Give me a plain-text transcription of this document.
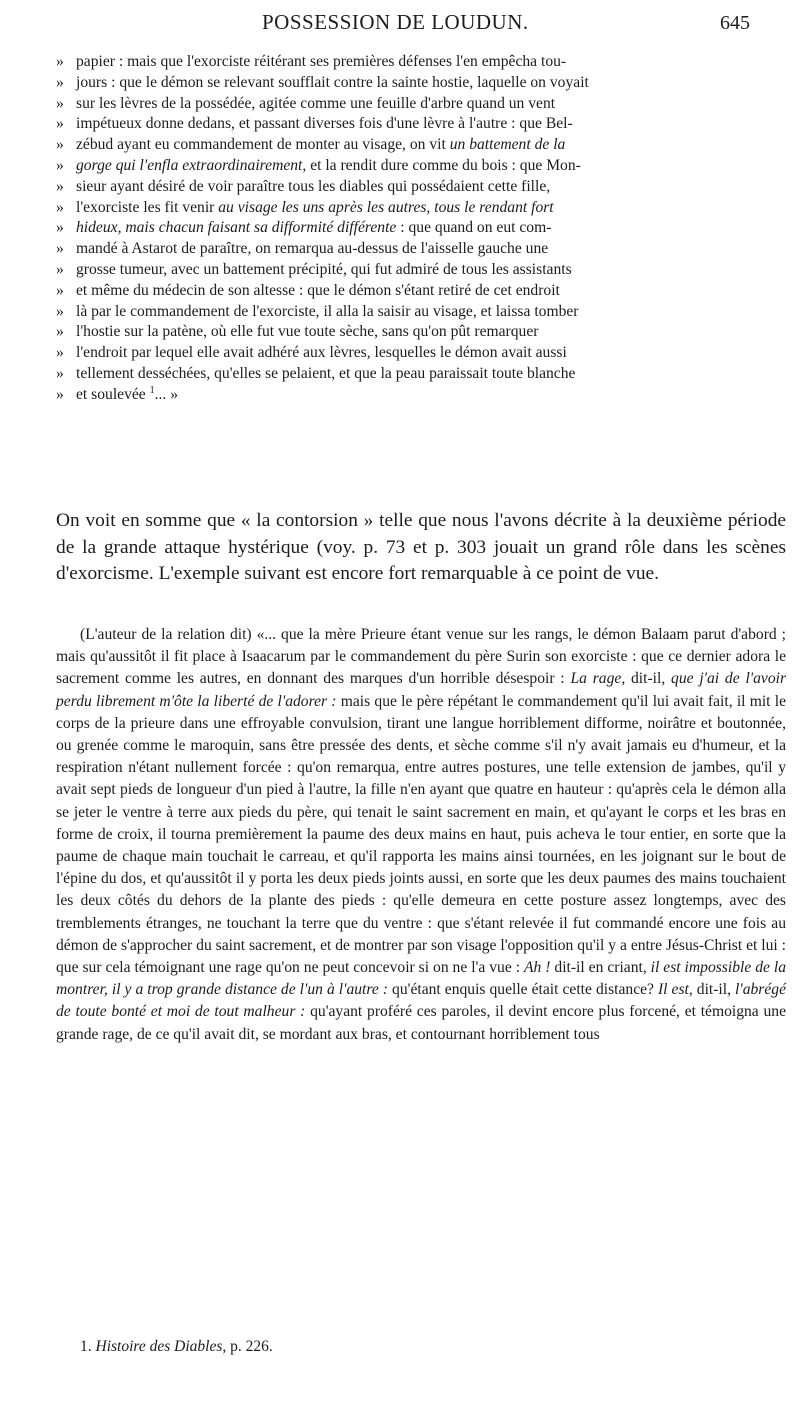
POSSESSION DE LOUDUN.	645
» papier : mais que l'exorciste réitérant ses premières défenses l'en empêcha tou-
» jours : que le démon se relevant soufflait contre la sainte hostie, laquelle on voyait
» sur les lèvres de la possédée, agitée comme une feuille d'arbre quand un vent
» impétueux donne dedans, et passant diverses fois d'une lèvre à l'autre : que Bel-
» zébud ayant eu commandement de monter au visage, on vit un battement de la
» gorge qui l'enfla extraordinairement, et la rendit dure comme du bois : que Mon-
» sieur ayant désiré de voir paraître tous les diables qui possédaient cette fille,
» l'exorciste les fit venir au visage les uns après les autres, tous le rendant fort
» hideux, mais chacun faisant sa difformité différente : que quand on eut com-
» mandé à Astarot de paraître, on remarqua au-dessus de l'aisselle gauche une
» grosse tumeur, avec un battement précipité, qui fut admiré de tous les assistants
» et même du médecin de son altesse : que le démon s'étant retiré de cet endroit
» là par le commandement de l'exorciste, il alla la saisir au visage, et laissa tomber
» l'hostie sur la patène, où elle fut vue toute sèche, sans qu'on pût remarquer
» l'endroit par lequel elle avait adhéré aux lèvres, lesquelles le démon avait aussi
» tellement desséchées, qu'elles se pelaient, et que la peau paraissait toute blanche
» et soulevée $^1$... »

On voit en somme que « la contorsion » telle que nous l'avons décrite à la deuxième période de la grande attaque hystérique (voy. p. 73 et p. 303 jouait un grand rôle dans les scènes d'exorcisme. L'exemple suivant est encore fort remarquable à ce point de vue.

(L'auteur de la relation dit) «... que la mère Prieure étant venue sur les rangs, le démon Balaam parut d'abord ; mais qu'aussitôt il fit place à Isaacarum par le commandement du père Surin son exorciste : que ce dernier adora le sacrement comme les autres, en donnant des marques d'un horrible désespoir : La rage, dit-il, que j'ai de l'avoir perdu librement m'ôte la liberté de l'adorer : mais que le père répétant le commandement qu'il lui avait fait, il mit le corps de la prieure dans une effroyable convulsion, tirant une langue horriblement difforme, noirâtre et boutonnée, ou grenée comme le maroquin, sans être pressée des dents, et sèche comme s'il n'y avait jamais eu d'humeur, et la respiration n'étant nullement forcée : qu'on remarqua, entre autres postures, une telle extension de jambes, qu'il y avait sept pieds de longueur d'un pied à l'autre, la fille n'en ayant que quatre en hauteur : qu'après cela le démon alla se jeter le ventre à terre aux pieds du père, qui tenait le saint sacrement en main, et qu'ayant le corps et les bras en forme de croix, il tourna premièrement la paume des deux mains en haut, puis acheva le tour entier, en sorte que la paume de chaque main touchait le carreau, et qu'il rapporta les mains ainsi tournées, en les joignant sur le bout de l'épine du dos, et qu'aussitôt il y porta les deux pieds joints aussi, en sorte que les deux paumes des mains touchaient les deux côtés du dehors de la plante des pieds : qu'elle demeura en cette posture assez longtemps, avec des tremblements étranges, ne touchant la terre que du ventre : que s'étant relevée il fut commandé encore une fois au démon de s'approcher du saint sacrement, et de montrer par son visage l'opposition qu'il y a entre Jésus-Christ et lui : que sur cela témoignant une rage qu'on ne peut concevoir si on ne l'a vue : Ah ! dit-il en criant, il est impossible de la montrer, il y a trop grande distance de l'un à l'autre : qu'étant enquis quelle était cette distance? Il est, dit-il, l'abrégé de toute bonté et moi de tout malheur : qu'ayant proféré ces paroles, il devint encore plus forcené, et témoigna une grande rage, de ce qu'il avait dit, se mordant aux bras, et contournant horriblement tous

1. Histoire des Diables, p. 226.
